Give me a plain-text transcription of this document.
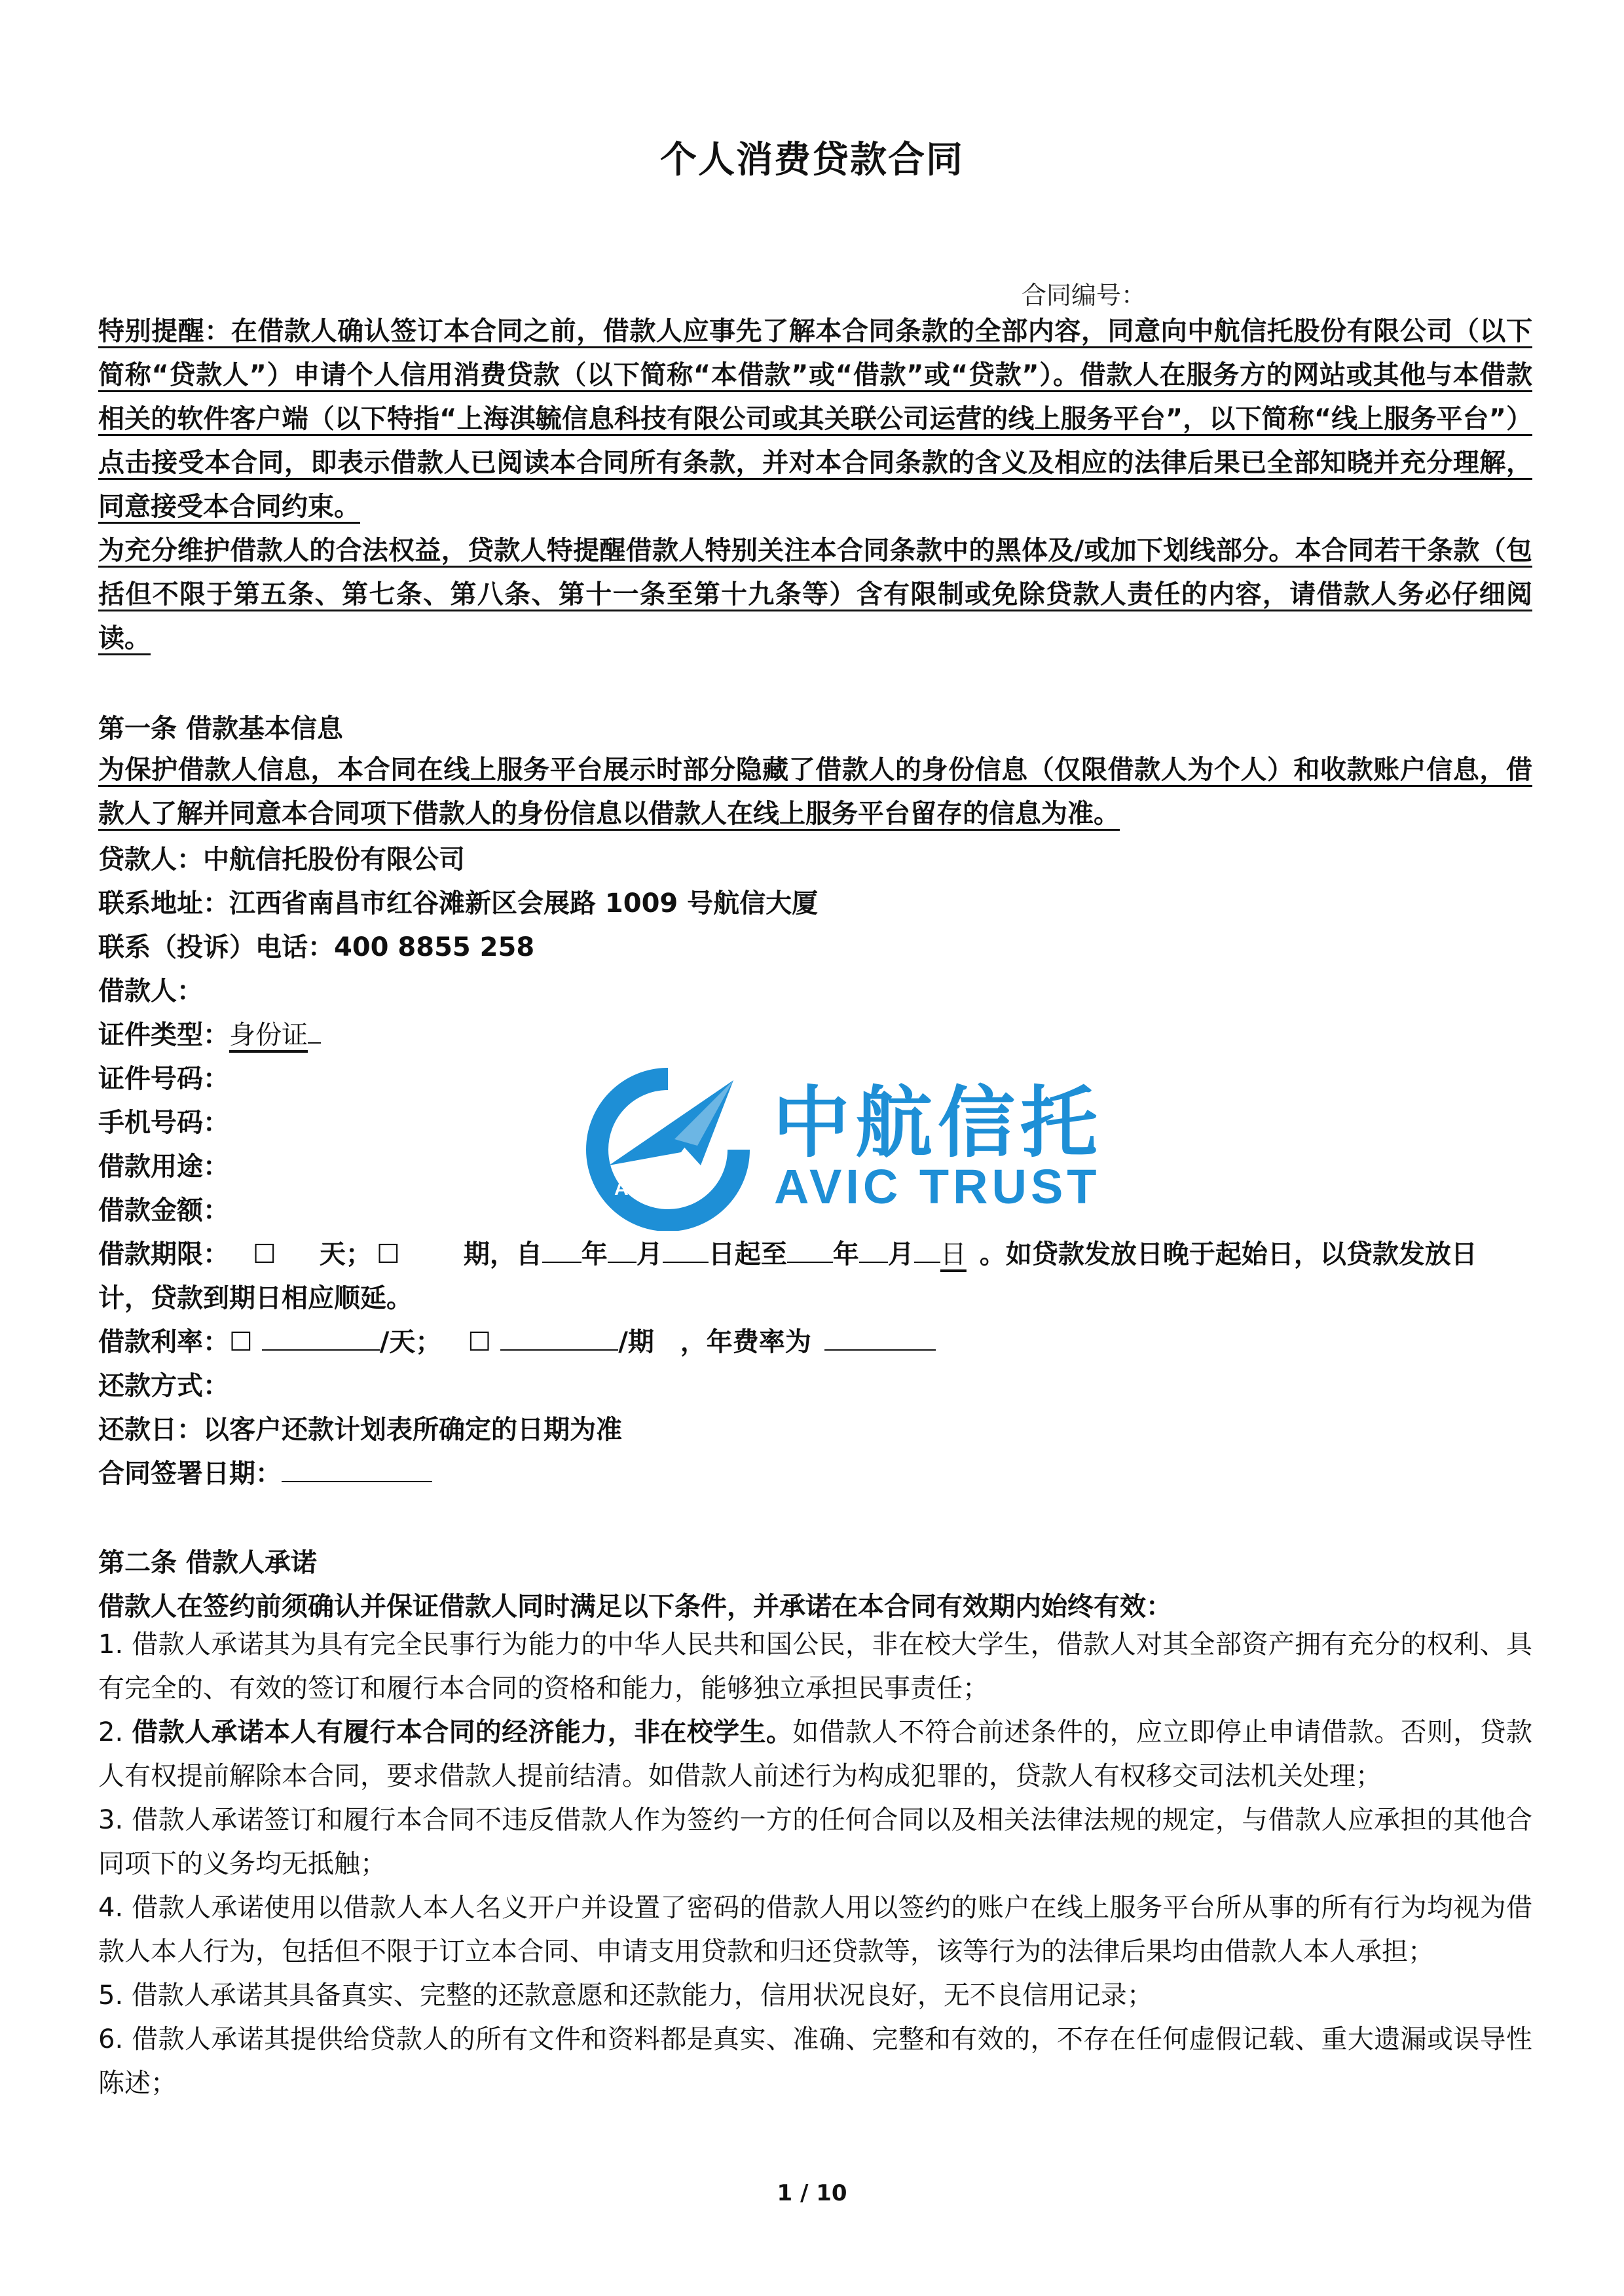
个人消费贷款合同
合同编号：
特别提醒：在借款人确认签订本合同之前，借款人应事先了解本合同条款的全部内容，同意向中航信托股份有限公司（以下简称“贷款人”）申请个人信用消费贷款（以下简称“本借款”或“借款”或“贷款”）。借款人在服务方的网站或其他与本借款相关的软件客户端（以下特指“上海淇毓信息科技有限公司或其关联公司运营的线上服务平台”，以下简称“线上服务平台”）点击接受本合同，即表示借款人已阅读本合同所有条款，并对本合同条款的含义及相应的法律后果已全部知晓并充分理解，同意接受本合同约束。
为充分维护借款人的合法权益，贷款人特提醒借款人特别关注本合同条款中的黑体及/或加下划线部分。本合同若干条款（包括但不限于第五条、第七条、第八条、第十一条至第十九条等）含有限制或免除贷款人责任的内容，请借款人务必仔细阅读。
第一条 借款基本信息
为保护借款人信息，本合同在线上服务平台展示时部分隐藏了借款人的身份信息（仅限借款人为个人）和收款账户信息，借款人了解并同意本合同项下借款人的身份信息以借款人在线上服务平台留存的信息为准。
贷款人：中航信托股份有限公司
联系地址：江西省南昌市红谷滩新区会展路 1009 号航信大厦
联系（投诉）电话：400 8855 258
借款人：
证件类型：身份证
证件号码：
手机号码：
借款用途：
借款金额：
借款期限： ☐ 天； ☐ 期，自 年 月 日起至 年 月 日 。如贷款发放日晚于起始日，以贷款发放日
计，贷款到期日相应顺延。
借款利率：☐	/天； ☐	/期 ，年费率为
还款方式：
还款日：以客户还款计划表所确定的日期为准
合同签署日期：
AVIC
中航信托
AVIC TRUST
第二条 借款人承诺
借款人在签约前须确认并保证借款人同时满足以下条件，并承诺在本合同有效期内始终有效：
1. 借款人承诺其为具有完全民事行为能力的中华人民共和国公民，非在校大学生，借款人对其全部资产拥有充分的权利、具有完全的、有效的签订和履行本合同的资格和能力，能够独立承担民事责任；
2. 借款人承诺本人有履行本合同的经济能力，非在校学生。如借款人不符合前述条件的，应立即停止申请借款。否则，贷款人有权提前解除本合同，要求借款人提前结清。如借款人前述行为构成犯罪的，贷款人有权移交司法机关处理；
3. 借款人承诺签订和履行本合同不违反借款人作为签约一方的任何合同以及相关法律法规的规定，与借款人应承担的其他合同项下的义务均无抵触；
4. 借款人承诺使用以借款人本人名义开户并设置了密码的借款人用以签约的账户在线上服务平台所从事的所有行为均视为借款人本人行为，包括但不限于订立本合同、申请支用贷款和归还贷款等，该等行为的法律后果均由借款人本人承担；
5. 借款人承诺其具备真实、完整的还款意愿和还款能力，信用状况良好，无不良信用记录；
6. 借款人承诺其提供给贷款人的所有文件和资料都是真实、准确、完整和有效的，不存在任何虚假记载、重大遗漏或误导性陈述；
1 / 10
